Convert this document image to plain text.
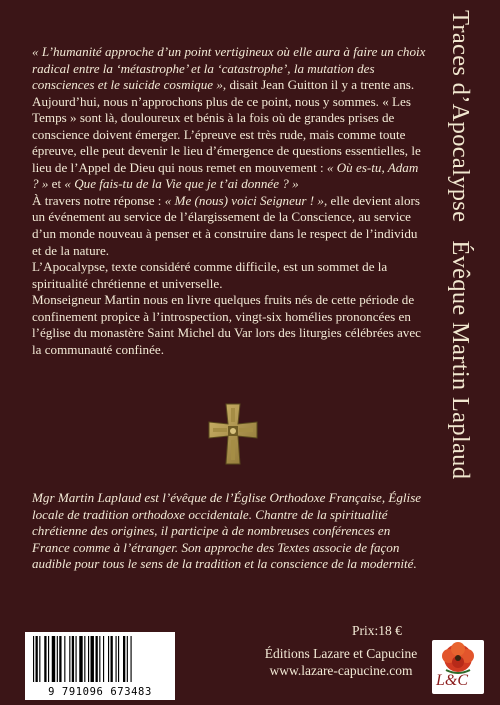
« L’humanité approche d’un point vertigineux où elle aura à faire un choix radical entre la ‘métastrophe’ et la ‘catastrophe’, la mutation des consciences et le suicide cosmique », disait Jean Guitton il y a trente ans. Aujourd’hui, nous n’approchons plus de ce point, nous y sommes. « Les Temps » sont là, douloureux et bénis à la fois où de grandes prises de conscience doivent émerger. L’épreuve est très rude, mais comme toute épreuve, elle peut devenir le lieu d’émergence de questions essentielles, le lieu de l’Appel de Dieu qui nous remet en mouvement : « Où es-tu, Adam ? » et « Que fais-tu de la Vie que je t’ai donnée ? »

À travers notre réponse : « Me (nous) voici Seigneur ! », elle devient alors un événement au service de l’élargissement de la Conscience, au service d’un monde nouveau à penser et à construire dans le respect de l’individu et de la nature.

L’Apocalypse, texte considéré comme difficile, est un sommet de la spiritualité chrétienne et universelle.

Monseigneur Martin nous en livre quelques fruits nés de cette période de confinement propice à l’introspection, vingt-six homélies prononcées en l’église du monastère Saint Michel du Var lors des liturgies célébrées avec la communauté confinée.

Traces d’ApocalypseÉvêque Martin Laplaud

Mgr Martin Laplaud est l’évêque de l’Église Orthodoxe Française, Église locale de tradition orthodoxe occidentale. Chantre de la spiritualité chrétienne des origines, il participe à de nombreuses conférences en France comme à l’étranger. Son approche des Textes associe de façon audible pour tous le sens de la tradition et la conscience de la modernité.

Prix:18 €
Éditions Lazare et Capucine
www.lazare-capucine.com
9 791096 673483
L&C
